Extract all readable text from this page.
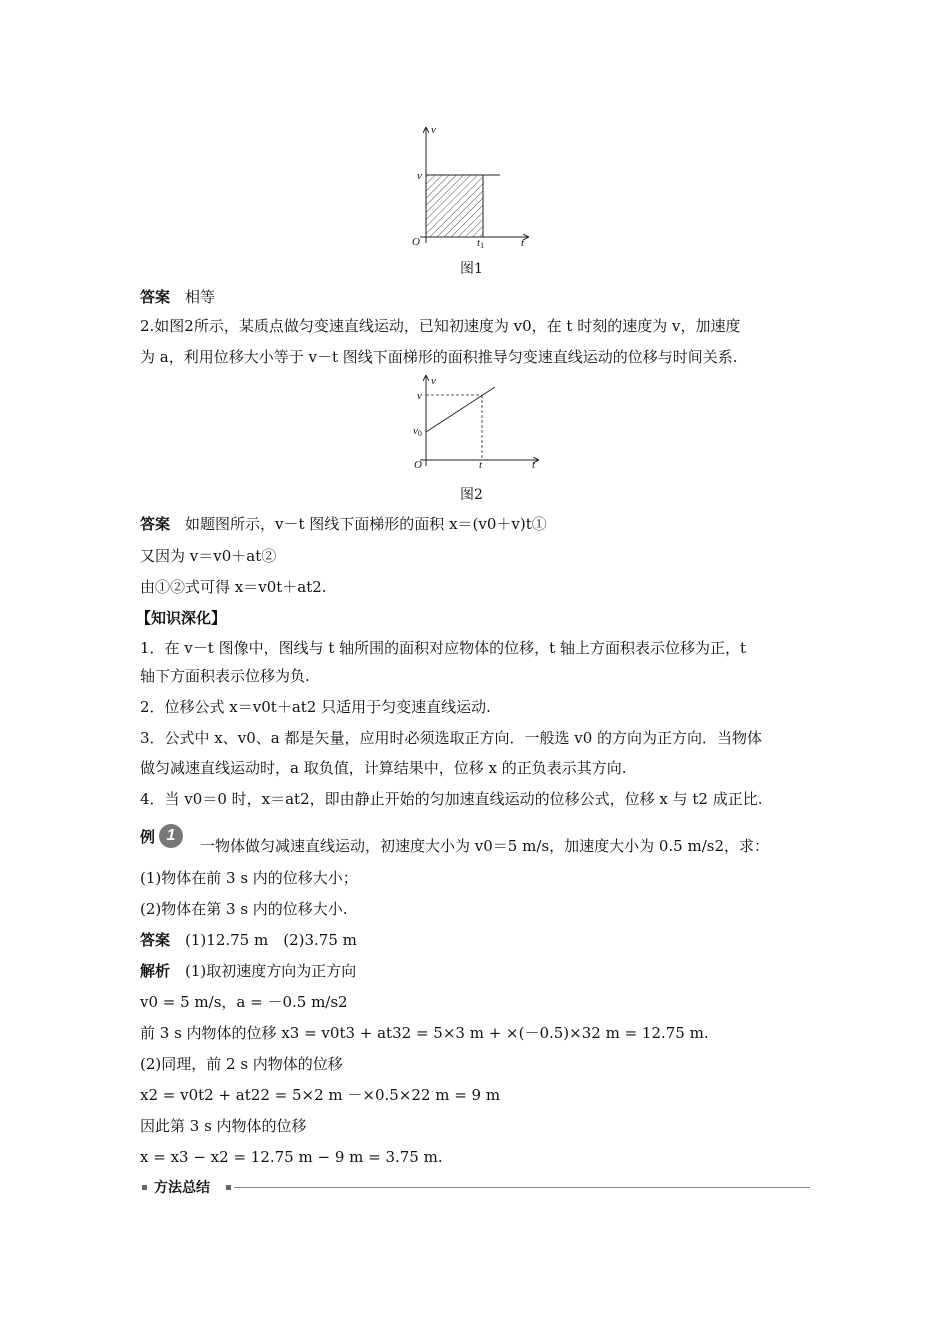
v
t
O
v
t1
图1
答案　 相等
2.如图2所示，某质点做匀变速直线运动，已知初速度为 v0，在 t 时刻的速度为 v，加速度
为 a，利用位移大小等于 v－t 图线下面梯形的面积推导匀变速直线运动的位移与时间关系.
v
t
O
v
v0
t
图2
答案　 如题图所示，v－t 图线下面梯形的面积 x＝(v0＋v)t①
又因为 v＝v0＋at②
由①②式可得 x＝v0t＋at2.
【知识深化】
1．在 v－t 图像中，图线与 t 轴所围的面积对应物体的位移，t 轴上方面积表示位移为正，t
轴下方面积表示位移为负.
2．位移公式 x＝v0t＋at2 只适用于匀变速直线运动.
3．公式中 x、v0、a 都是矢量，应用时必须选取正方向．一般选 v0 的方向为正方向．当物体
做匀减速直线运动时，a 取负值，计算结果中，位移 x 的正负表示其方向.
4．当 v0＝0 时，x＝at2，即由静止开始的匀加速直线运动的位移公式，位移 x 与 t2 成正比.
例 1
一物体做匀减速直线运动，初速度大小为 v0＝5 m/s，加速度大小为 0.5 m/s2，求：
(1)物体在前 3 s 内的位移大小；
(2)物体在第 3 s 内的位移大小.
答案　 (1)12.75 m　(2)3.75 m
解析　 (1)取初速度方向为正方向
v0 = 5 m/s，a = －0.5 m/s2
前 3 s 内物体的位移 x3 = v0t3 + at32 = 5×3 m + ×(－0.5)×32 m = 12.75 m.
(2)同理，前 2 s 内物体的位移
x2 = v0t2 + at22 = 5×2 m －×0.5×22 m = 9 m
因此第 3 s 内物体的位移
x = x3 − x2 = 12.75 m − 9 m = 3.75 m.
方法总结
